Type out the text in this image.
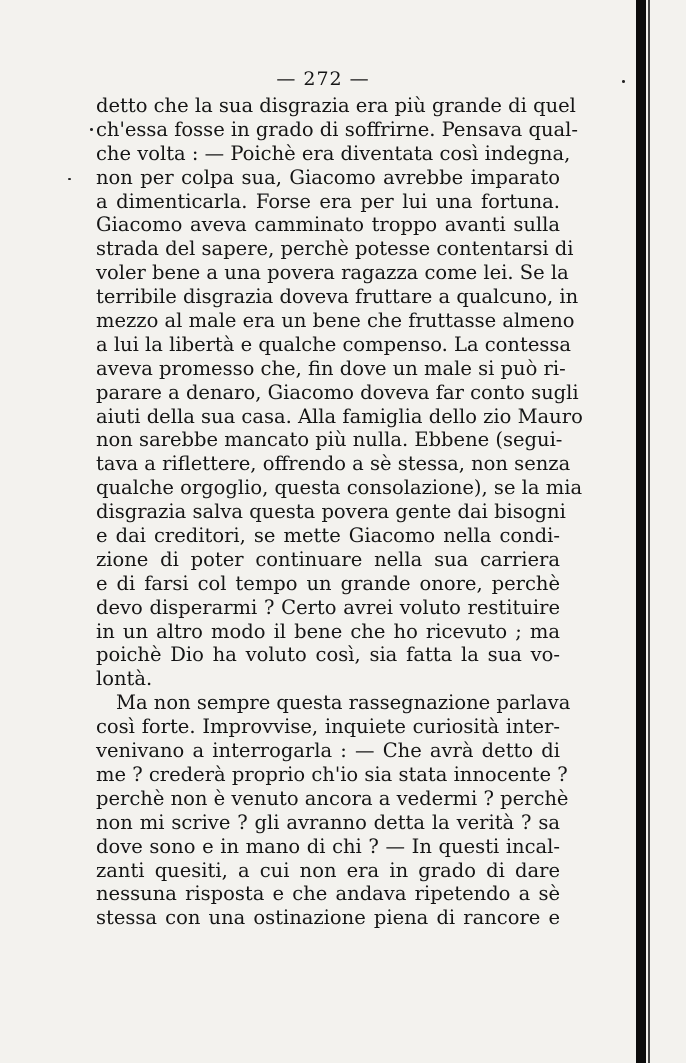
— 272 —
detto che la sua disgrazia era più grande di quel
ch'essa fosse in grado di soffrirne. Pensava qual-
che volta : — Poichè era diventata così indegna,
non per colpa sua, Giacomo avrebbe imparato
a dimenticarla. Forse era per lui una fortuna.
Giacomo aveva camminato troppo avanti sulla
strada del sapere, perchè potesse contentarsi di
voler bene a una povera ragazza come lei. Se la
terribile disgrazia doveva fruttare a qualcuno, in
mezzo al male era un bene che fruttasse almeno
a lui la libertà e qualche compenso. La contessa
aveva promesso che, fin dove un male si può ri-
parare a denaro, Giacomo doveva far conto sugli
aiuti della sua casa. Alla famiglia dello zio Mauro
non sarebbe mancato più nulla. Ebbene (segui-
tava a riflettere, offrendo a sè stessa, non senza
qualche orgoglio, questa consolazione), se la mia
disgrazia salva questa povera gente dai bisogni
e dai creditori, se mette Giacomo nella condi-
zione di poter continuare nella sua carriera
e di farsi col tempo un grande onore, perchè
devo disperarmi ? Certo avrei voluto restituire
in un altro modo il bene che ho ricevuto ; ma
poichè Dio ha voluto così, sia fatta la sua vo-
lontà.
Ma non sempre questa rassegnazione parlava
così forte. Improvvise, inquiete curiosità inter-
venivano a interrogarla : — Che avrà detto di
me ? crederà proprio ch'io sia stata innocente ?
perchè non è venuto ancora a vedermi ? perchè
non mi scrive ? gli avranno detta la verità ? sa
dove sono e in mano di chi ? — In questi incal-
zanti quesiti, a cui non era in grado di dare
nessuna risposta e che andava ripetendo a sè
stessa con una ostinazione piena di rancore e
